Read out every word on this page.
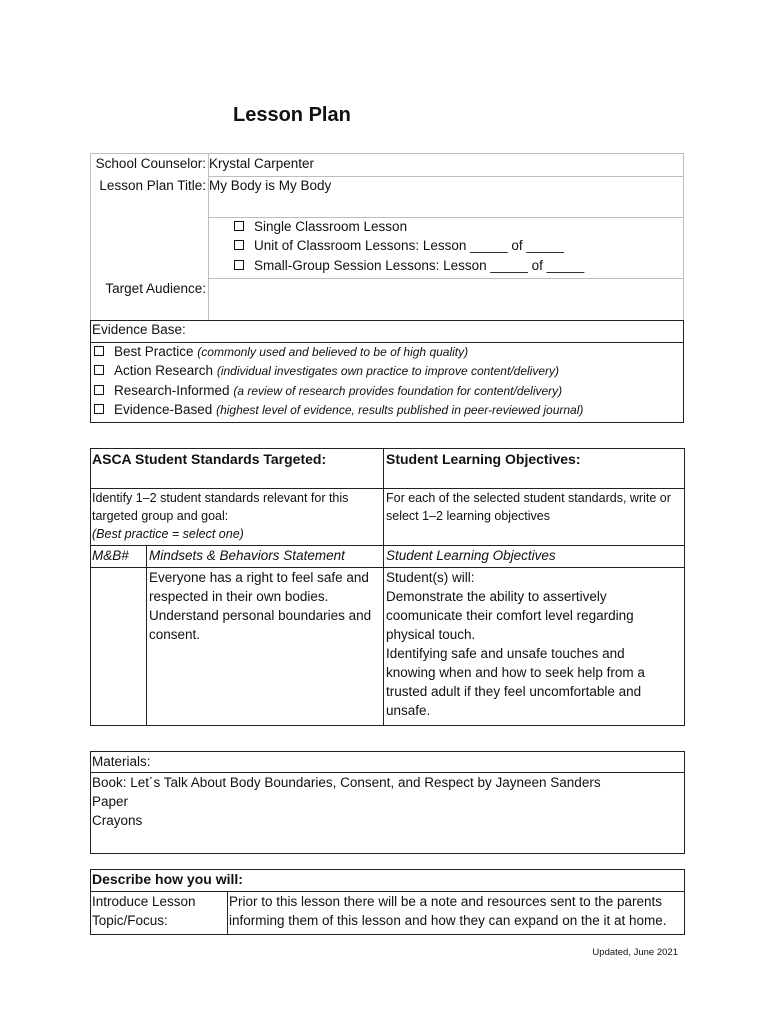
Lesson Plan
School Counselor: Krystal Carpenter
Lesson Plan Title: My Body is My Body
Single Classroom Lesson
Unit of Classroom Lessons: Lesson _____ of _____
Small-Group Session Lessons: Lesson _____ of _____
Target Audience:
Evidence Base:
Best Practice (commonly used and believed to be of high quality)
Action Research (individual investigates own practice to improve content/delivery)
Research-Informed (a review of research provides foundation for content/delivery)
Evidence-Based (highest level of evidence, results published in peer-reviewed journal)
ASCA Student Standards Targeted:	Student Learning Objectives:
Identify 1–2 student standards relevant for this
targeted group and goal:
(Best practice = select one)
For each of the selected student standards, write or
select 1–2 learning objectives
M&B# Mindsets & Behaviors Statement	Student Learning Objectives
Everyone has a right to feel safe and
respected in their own bodies.
Understand personal boundaries and
consent.
Student(s) will:
Demonstrate the ability to assertively
coomunicate their comfort level regarding
physical touch.
Identifying safe and unsafe touches and
knowing when and how to seek help from a
trusted adult if they feel uncomfortable and
unsafe.
Materials:
Book: Let´s Talk About Body Boundaries, Consent, and Respect by Jayneen Sanders
Paper
Crayons
Describe how you will:
Introduce Lesson
Topic/Focus:
Prior to this lesson there will be a note and resources sent to the parents
informing them of this lesson and how they can expand on the it at home.
Updated, June 2021
